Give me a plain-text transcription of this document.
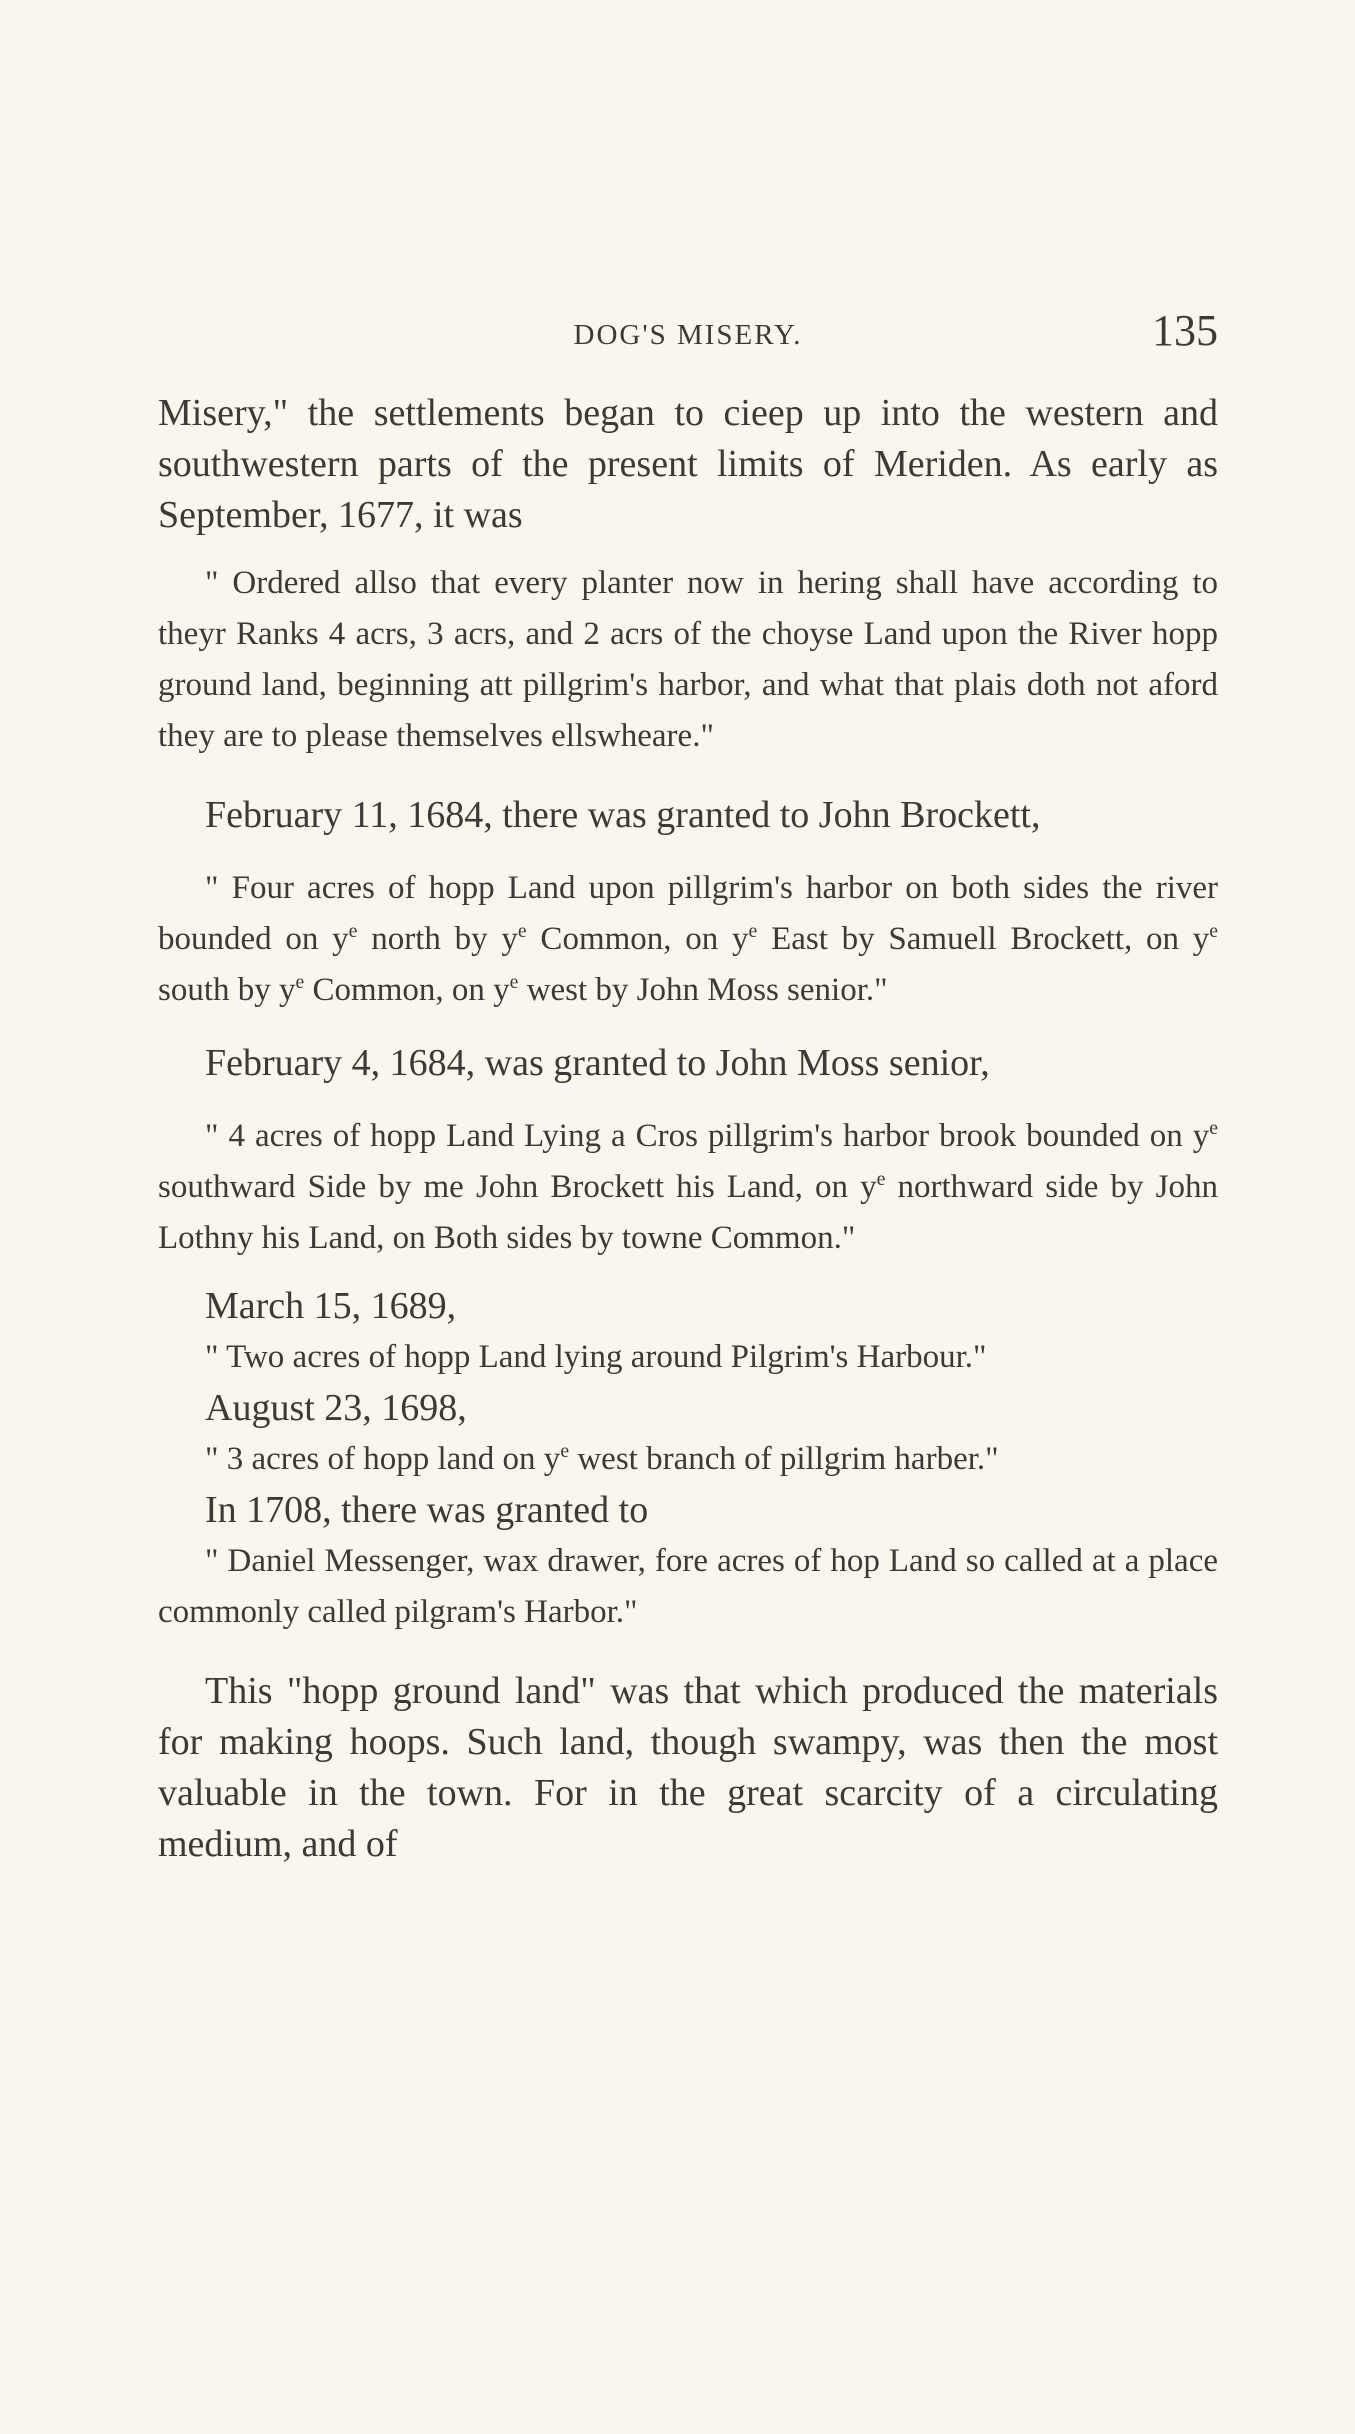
DOG'S MISERY.	135

Misery," the settlements began to cieep up into the western and southwestern parts of the present limits of Meriden. As early as September, 1677, it was

" Ordered allso that every planter now in hering shall have according to theyr Ranks 4 acrs, 3 acrs, and 2 acrs of the choyse Land upon the River hopp ground land, beginning att pillgrim's harbor, and what that plais doth not aford they are to please themselves ellswheare."

February 11, 1684, there was granted to John Brockett,

" Four acres of hopp Land upon pillgrim's harbor on both sides the river bounded on $y^e$ north by $y^e$ Common, on $y^e$ East by Samuell Brockett, on $y^e$ south by $y^e$ Common, on $y^e$ west by John Moss senior."

February 4, 1684, was granted to John Moss senior,

" 4 acres of hopp Land Lying a Cros pillgrim's harbor brook bounded on $y^e$ southward Side by me John Brockett his Land, on $y^e$ northward side by John Lothny his Land, on Both sides by towne Common."

March 15, 1689,

" Two acres of hopp Land lying around Pilgrim's Harbour."

August 23, 1698,

" 3 acres of hopp land on $y^e$ west branch of pillgrim harber."

In 1708, there was granted to

" Daniel Messenger, wax drawer, fore acres of hop Land so called at a place commonly called pilgram's Harbor."

This "hopp ground land" was that which produced the materials for making hoops. Such land, though swampy, was then the most valuable in the town. For in the great scarcity of a circulating medium, and of
